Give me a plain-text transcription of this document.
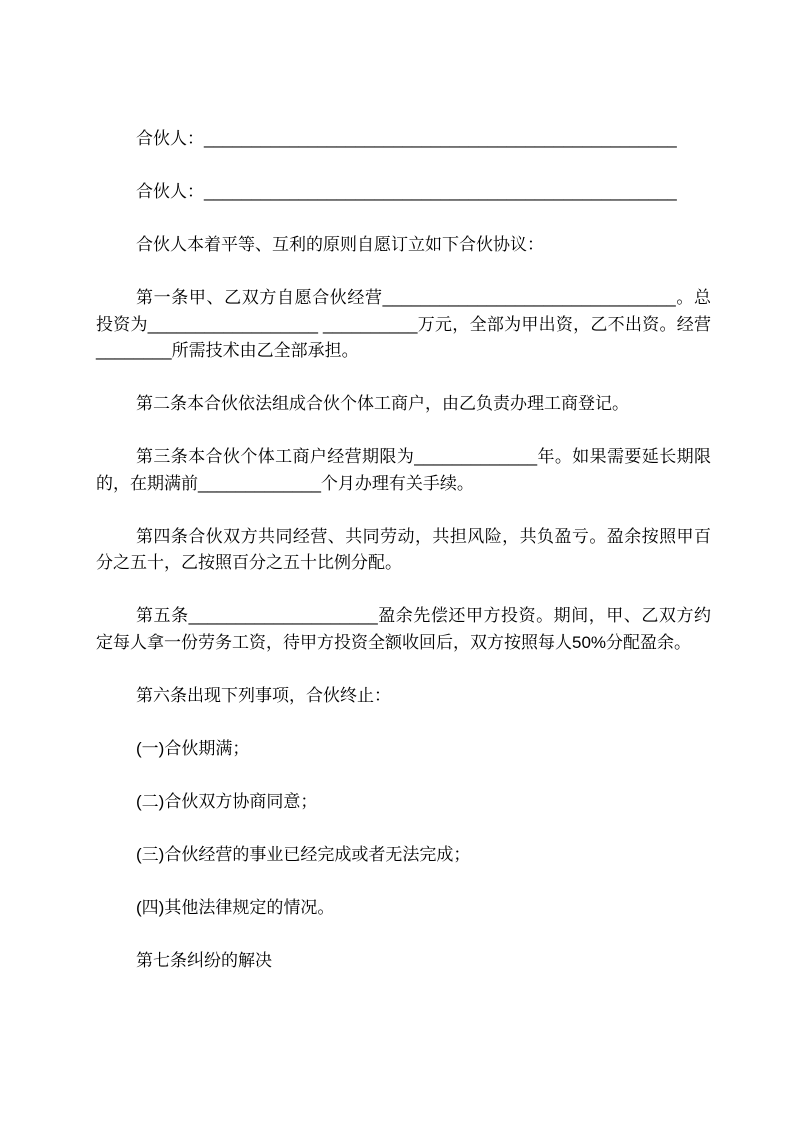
合伙人：__________________________________________________

合伙人：__________________________________________________

合伙人本着平等、互利的原则自愿订立如下合伙协议：

第一条甲、乙双方自愿合伙经营_______________________________。总投资为__________________ __________万元，全部为甲出资，乙不出资。经营________所需技术由乙全部承担。

第二条本合伙依法组成合伙个体工商户，由乙负责办理工商登记。

第三条本合伙个体工商户经营期限为_____________年。如果需要延长期限的，在期满前_____________个月办理有关手续。

第四条合伙双方共同经营、共同劳动，共担风险，共负盈亏。盈余按照甲百分之五十，乙按照百分之五十比例分配。

第五条____________________盈余先偿还甲方投资。期间，甲、乙双方约定每人拿一份劳务工资，待甲方投资全额收回后，双方按照每人50%分配盈余。

第六条出现下列事项，合伙终止：

(一)合伙期满；

(二)合伙双方协商同意；

(三)合伙经营的事业已经完成或者无法完成；

(四)其他法律规定的情况。

第七条纠纷的解决
